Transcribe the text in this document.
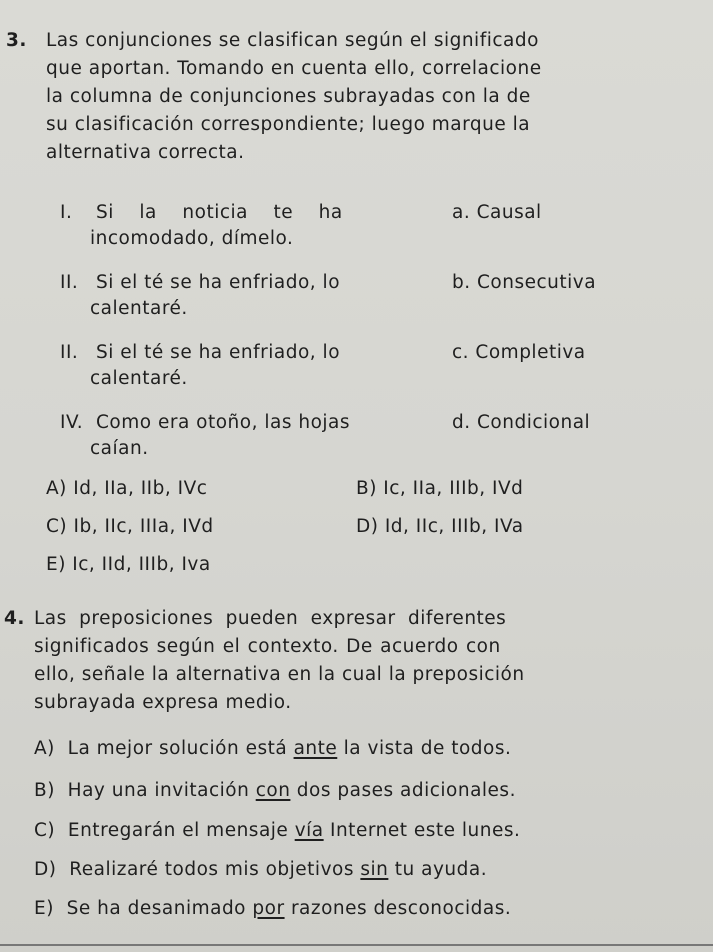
3. Las conjunciones se clasifican según el significado
que aportan. Tomando en cuenta ello, correlacione
la columna de conjunciones subrayadas con la de
su clasificación correspondiente; luego marque la
alternativa correcta.
I. Si    la    noticia    te    ha
incomodado, dímelo.
a. Causal
II. Si el té se ha enfriado, lo
calentaré.
b. Consecutiva
II. Si el té se ha enfriado, lo
calentaré.
c. Completiva
IV. Como era otoño, las hojas
caían.
d. Condicional
A) Id, IIa, IIb, IVc	B) Ic, IIa, IIIb, IVd
C) Ib, IIc, IIIa, IVd	D) Id, IIc, IIIb, IVa
E) Ic, IId, IIIb, Iva
4. Las preposiciones pueden expresar diferentes
significados según el contexto. De acuerdo con
ello, señale la alternativa en la cual la preposición
subrayada expresa medio.
A)  La mejor solución está ante la vista de todos.
B)  Hay una invitación con dos pases adicionales.
C)  Entregarán el mensaje vía Internet este lunes.
D)  Realizaré todos mis objetivos sin tu ayuda.
E)  Se ha desanimado por razones desconocidas.
